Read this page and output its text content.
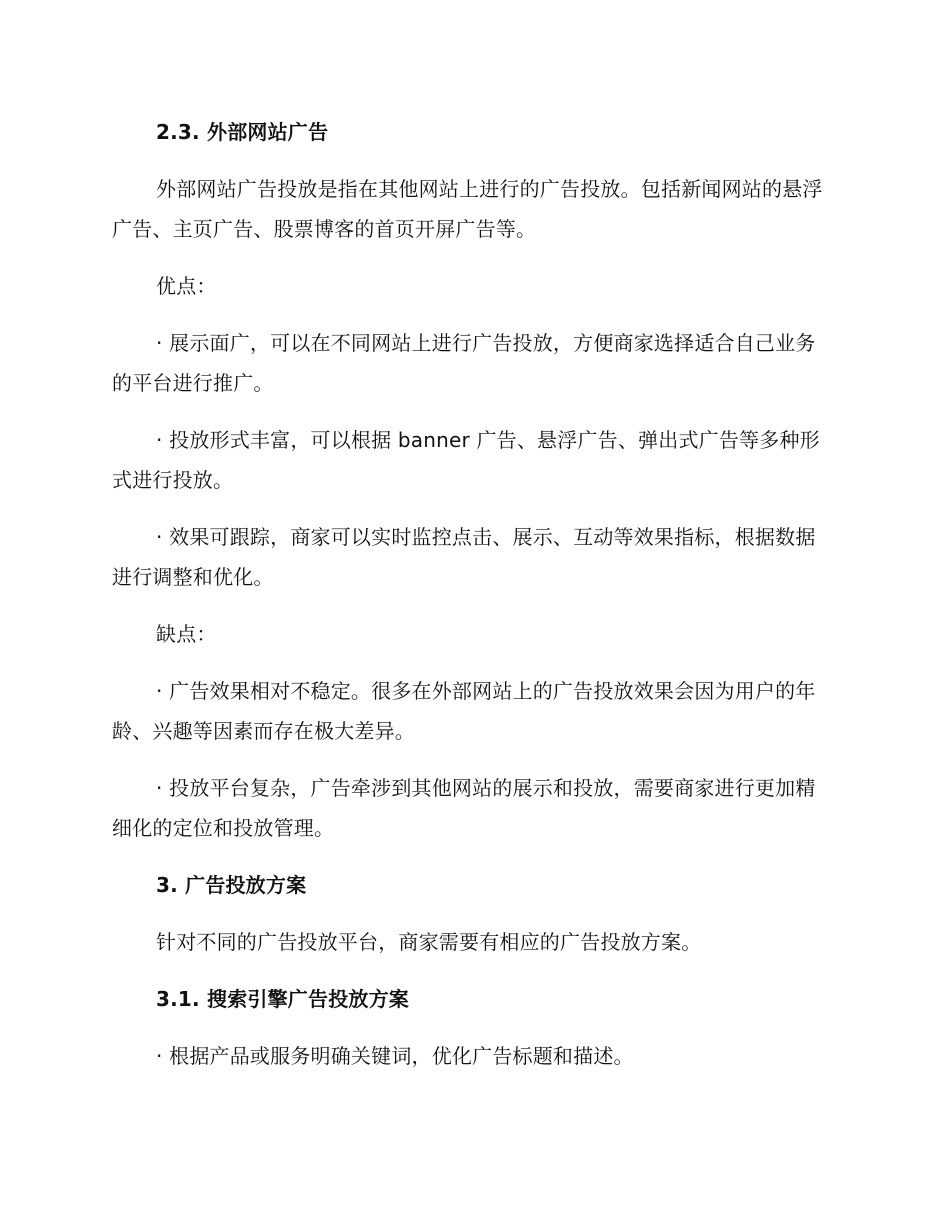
2.3. 外部网站广告
外部网站广告投放是指在其他网站上进行的广告投放。包括新闻网站的悬浮广告、主页广告、股票博客的首页开屏广告等。
优点：
· 展示面广，可以在不同网站上进行广告投放，方便商家选择适合自己业务的平台进行推广。
· 投放形式丰富，可以根据 banner 广告、悬浮广告、弹出式广告等多种形式进行投放。
· 效果可跟踪，商家可以实时监控点击、展示、互动等效果指标，根据数据进行调整和优化。
缺点：
· 广告效果相对不稳定。很多在外部网站上的广告投放效果会因为用户的年龄、兴趣等因素而存在极大差异。
· 投放平台复杂，广告牵涉到其他网站的展示和投放，需要商家进行更加精细化的定位和投放管理。
3. 广告投放方案
针对不同的广告投放平台，商家需要有相应的广告投放方案。
3.1. 搜索引擎广告投放方案
· 根据产品或服务明确关键词，优化广告标题和描述。
